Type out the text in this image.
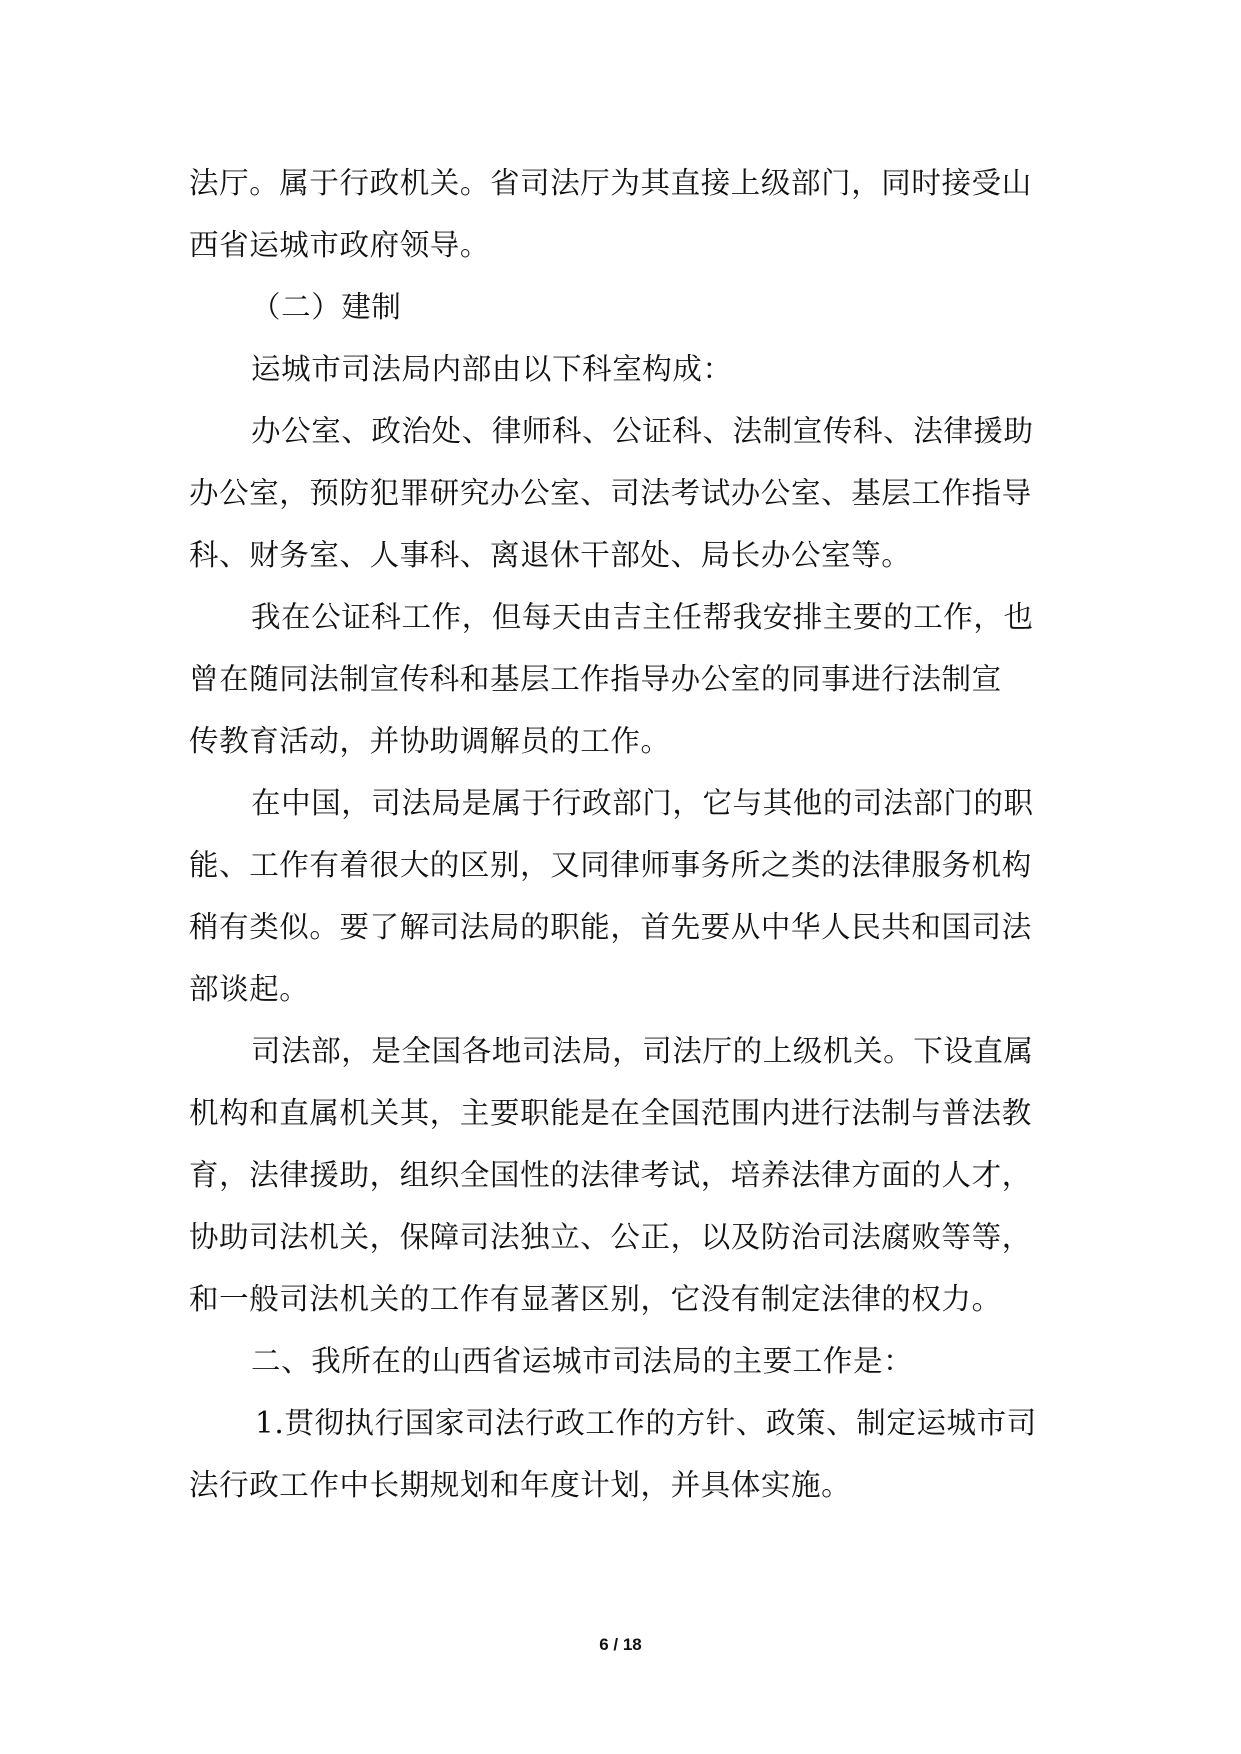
法厅。属于行政机关。省司法厅为其直接上级部门，同时接受山
西省运城市政府领导。
（二）建制
运城市司法局内部由以下科室构成：
办公室、政治处、律师科、公证科、法制宣传科、法律援助
办公室，预防犯罪研究办公室、司法考试办公室、基层工作指导
科、财务室、人事科、离退休干部处、局长办公室等。
我在公证科工作，但每天由吉主任帮我安排主要的工作，也
曾在随同法制宣传科和基层工作指导办公室的同事进行法制宣
传教育活动，并协助调解员的工作。
在中国，司法局是属于行政部门，它与其他的司法部门的职
能、工作有着很大的区别，又同律师事务所之类的法律服务机构
稍有类似。要了解司法局的职能，首先要从中华人民共和国司法
部谈起。
司法部，是全国各地司法局，司法厅的上级机关。下设直属
机构和直属机关其，主要职能是在全国范围内进行法制与普法教
育，法律援助，组织全国性的法律考试，培养法律方面的人才，
协助司法机关，保障司法独立、公正，以及防治司法腐败等等，
和一般司法机关的工作有显著区别，它没有制定法律的权力。
二、我所在的山西省运城市司法局的主要工作是：
1.贯彻执行国家司法行政工作的方针、政策、制定运城市司
法行政工作中长期规划和年度计划，并具体实施。
6 / 18
